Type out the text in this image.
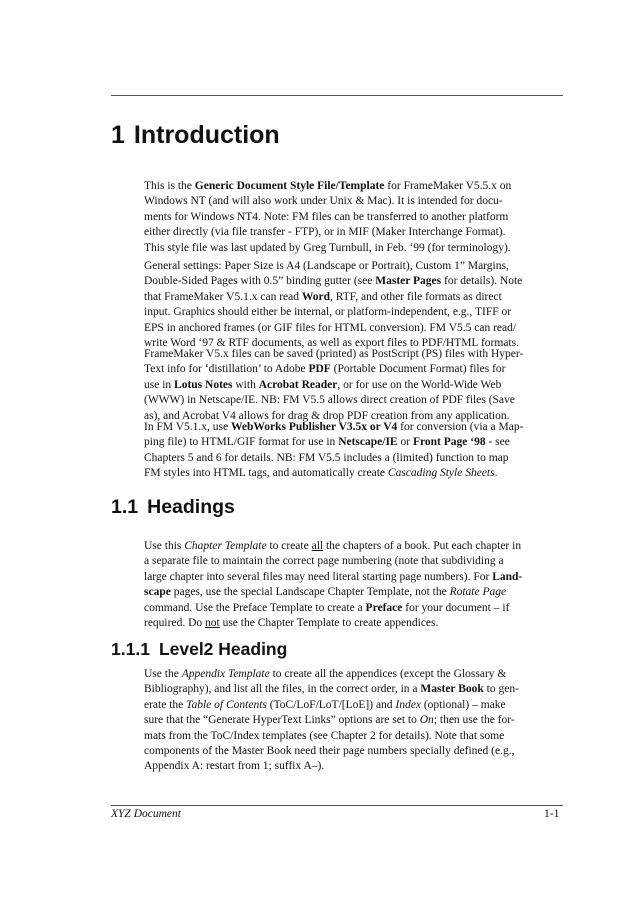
1 Introduction

This is the Generic Document Style File/Template for FrameMaker V5.5.x on
Windows NT (and will also work under Unix & Mac). It is intended for docu-
ments for Windows NT4. Note: FM files can be transferred to another platform
either directly (via file transfer - FTP), or in MIF (Maker Interchange Format).
This style file was last updated by Greg Turnbull, in Feb. ‘99 (for terminology).

General settings: Paper Size is A4 (Landscape or Portrait), Custom 1” Margins,
Double-Sided Pages with 0.5” binding gutter (see Master Pages for details). Note
that FrameMaker V5.1.x can read Word, RTF, and other file formats as direct
input. Graphics should either be internal, or platform-independent, e.g., TIFF or
EPS in anchored frames (or GIF files for HTML conversion). FM V5.5 can read/
write Word ‘97 & RTF documents, as well as export files to PDF/HTML formats.

FrameMaker V5.x files can be saved (printed) as PostScript (PS) files with Hyper-
Text info for ‘distillation’ to Adobe PDF (Portable Document Format) files for
use in Lotus Notes with Acrobat Reader, or for use on the World-Wide Web
(WWW) in Netscape/IE. NB: FM V5.5 allows direct creation of PDF files (Save
as), and Acrobat V4 allows for drag & drop PDF creation from any application.

In FM V5.1.x, use WebWorks Publisher V3.5x or V4 for conversion (via a Map-
ping file) to HTML/GIF format for use in Netscape/IE or Front Page ‘98 - see
Chapters 5 and 6 for details. NB: FM V5.5 includes a (limited) function to map
FM styles into HTML tags, and automatically create Cascading Style Sheets.

1.1 Headings

Use this Chapter Template to create all the chapters of a book. Put each chapter in
a separate file to maintain the correct page numbering (note that subdividing a
large chapter into several files may need literal starting page numbers). For Land-
scape pages, use the special Landscape Chapter Template, not the Rotate Page
command. Use the Preface Template to create a Preface for your document – if
required. Do not use the Chapter Template to create appendices.

1.1.1 Level2 Heading

Use the Appendix Template to create all the appendices (except the Glossary &
Bibliography), and list all the files, in the correct order, in a Master Book to gen-
erate the Table of Contents (ToC/LoF/LoT/[LoE]) and Index (optional) – make
sure that the “Generate HyperText Links” options are set to On; then use the for-
mats from the ToC/Index templates (see Chapter 2 for details). Note that some
components of the Master Book need their page numbers specially defined (e.g.,
Appendix A: restart from 1; suffix A–).

XYZ Document	1-1
